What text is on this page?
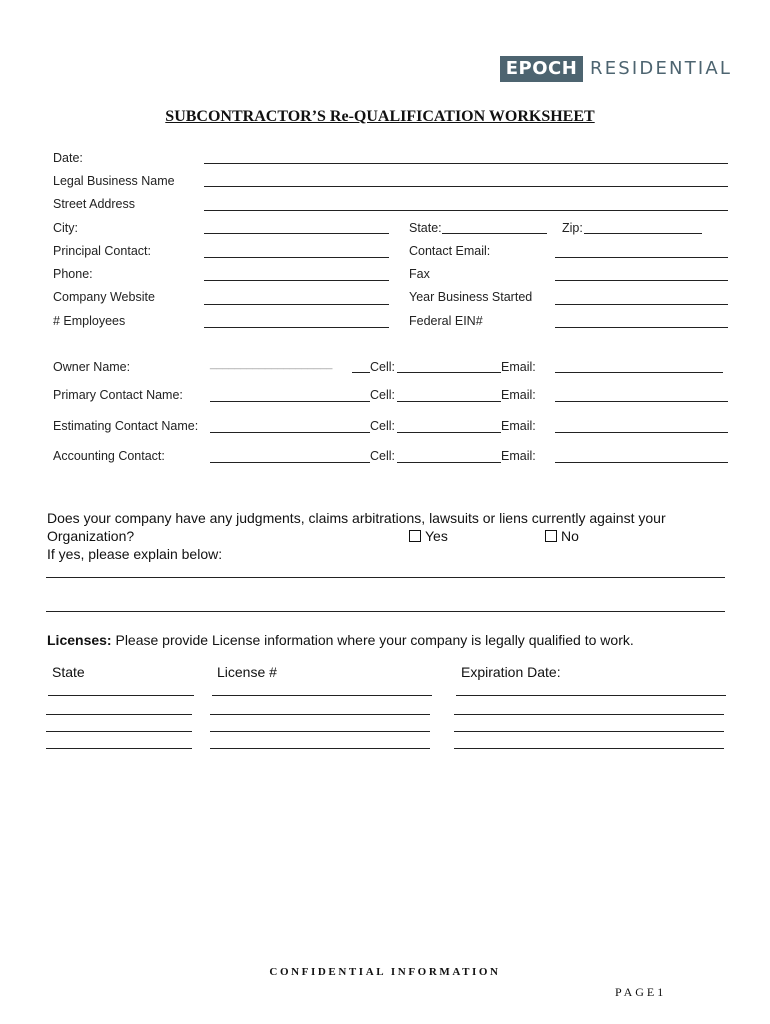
EPOCH RESIDENTIAL
SUBCONTRACTOR’S Re-QUALIFICATION WORKSHEET
Date:
Legal Business Name
Street Address
City:	State:	Zip:
Principal Contact:	Contact Email:
Phone:	Fax
Company Website	Year Business Started
# Employees	Federal EIN#
Owner Name:	____________________	Cell:	Email:
Primary Contact Name:	Cell:	Email:
Estimating Contact Name:	Cell:	Email:
Accounting Contact:	Cell:	Email:
Does your company have any judgments, claims arbitrations, lawsuits or liens currently against your
Organization?	Yes	No
If yes, please explain below:
Licenses: Please provide License information where your company is legally qualified to work.
State	License #	Expiration Date:
CONFIDENTIAL INFORMATION
PAGE1
